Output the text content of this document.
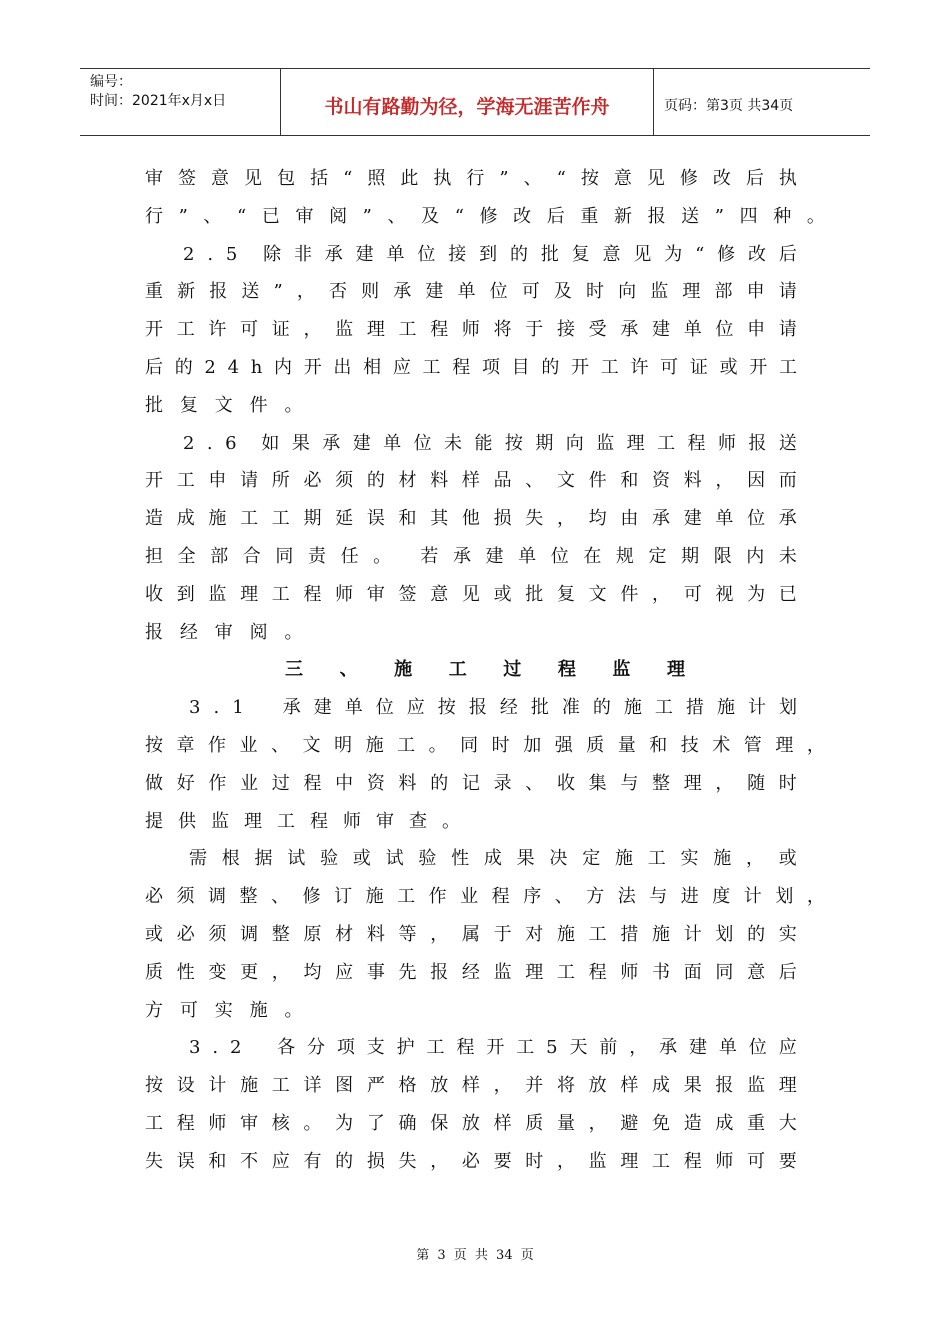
编号：
时间：2021年x月x日	书山有路勤为径，学海无涯苦作舟	页码：第3页 共34页
审 签 意 见 包 括 “ 照 此 执 行 ” 、 “ 按 意 见 修 改 后 执
行 ” 、 “ 已 审 阅 ” 、 及 “ 修 改 后 重 新 报 送 ” 四 种 。
2 . 5 除 非 承 建 单 位 接 到 的 批 复 意 见 为 “ 修 改 后
重 新 报 送 ” ， 否 则 承 建 单 位 可 及 时 向 监 理 部 申 请
开 工 许 可 证 ， 监 理 工 程 师 将 于 接 受 承 建 单 位 申 请
后 的 2 4 h 内 开 出 相 应 工 程 项 目 的 开 工 许 可 证 或 开 工
批 复 文 件 。
2 . 6 如 果 承 建 单 位 未 能 按 期 向 监 理 工 程 师 报 送
开 工 申 请 所 必 须 的 材 料 样 品 、 文 件 和 资 料 ， 因 而
造 成 施 工 工 期 延 误 和 其 他 损 失 ， 均 由 承 建 单 位 承
担 全 部 合 同 责 任 。 若 承 建 单 位 在 规 定 期 限 内 未
收 到 监 理 工 程 师 审 签 意 见 或 批 复 文 件 ， 可 视 为 已
报 经 审 阅 。
三 、 施 工 过 程 监 理
3 . 1 承 建 单 位 应 按 报 经 批 准 的 施 工 措 施 计 划
按 章 作 业 、 文 明 施 工 。 同 时 加 强 质 量 和 技 术 管 理 ，
做 好 作 业 过 程 中 资 料 的 记 录 、 收 集 与 整 理 ， 随 时
提 供 监 理 工 程 师 审 查 。
需 根 据 试 验 或 试 验 性 成 果 决 定 施 工 实 施 ， 或
必 须 调 整 、 修 订 施 工 作 业 程 序 、 方 法 与 进 度 计 划 ，
或 必 须 调 整 原 材 料 等 ， 属 于 对 施 工 措 施 计 划 的 实
质 性 变 更 ， 均 应 事 先 报 经 监 理 工 程 师 书 面 同 意 后
方 可 实 施 。
3 . 2 各 分 项 支 护 工 程 开 工 5 天 前 ， 承 建 单 位 应
按 设 计 施 工 详 图 严 格 放 样 ， 并 将 放 样 成 果 报 监 理
工 程 师 审 核 。 为 了 确 保 放 样 质 量 ， 避 免 造 成 重 大
失 误 和 不 应 有 的 损 失 ， 必 要 时 ， 监 理 工 程 师 可 要
第 3 页 共 34 页
